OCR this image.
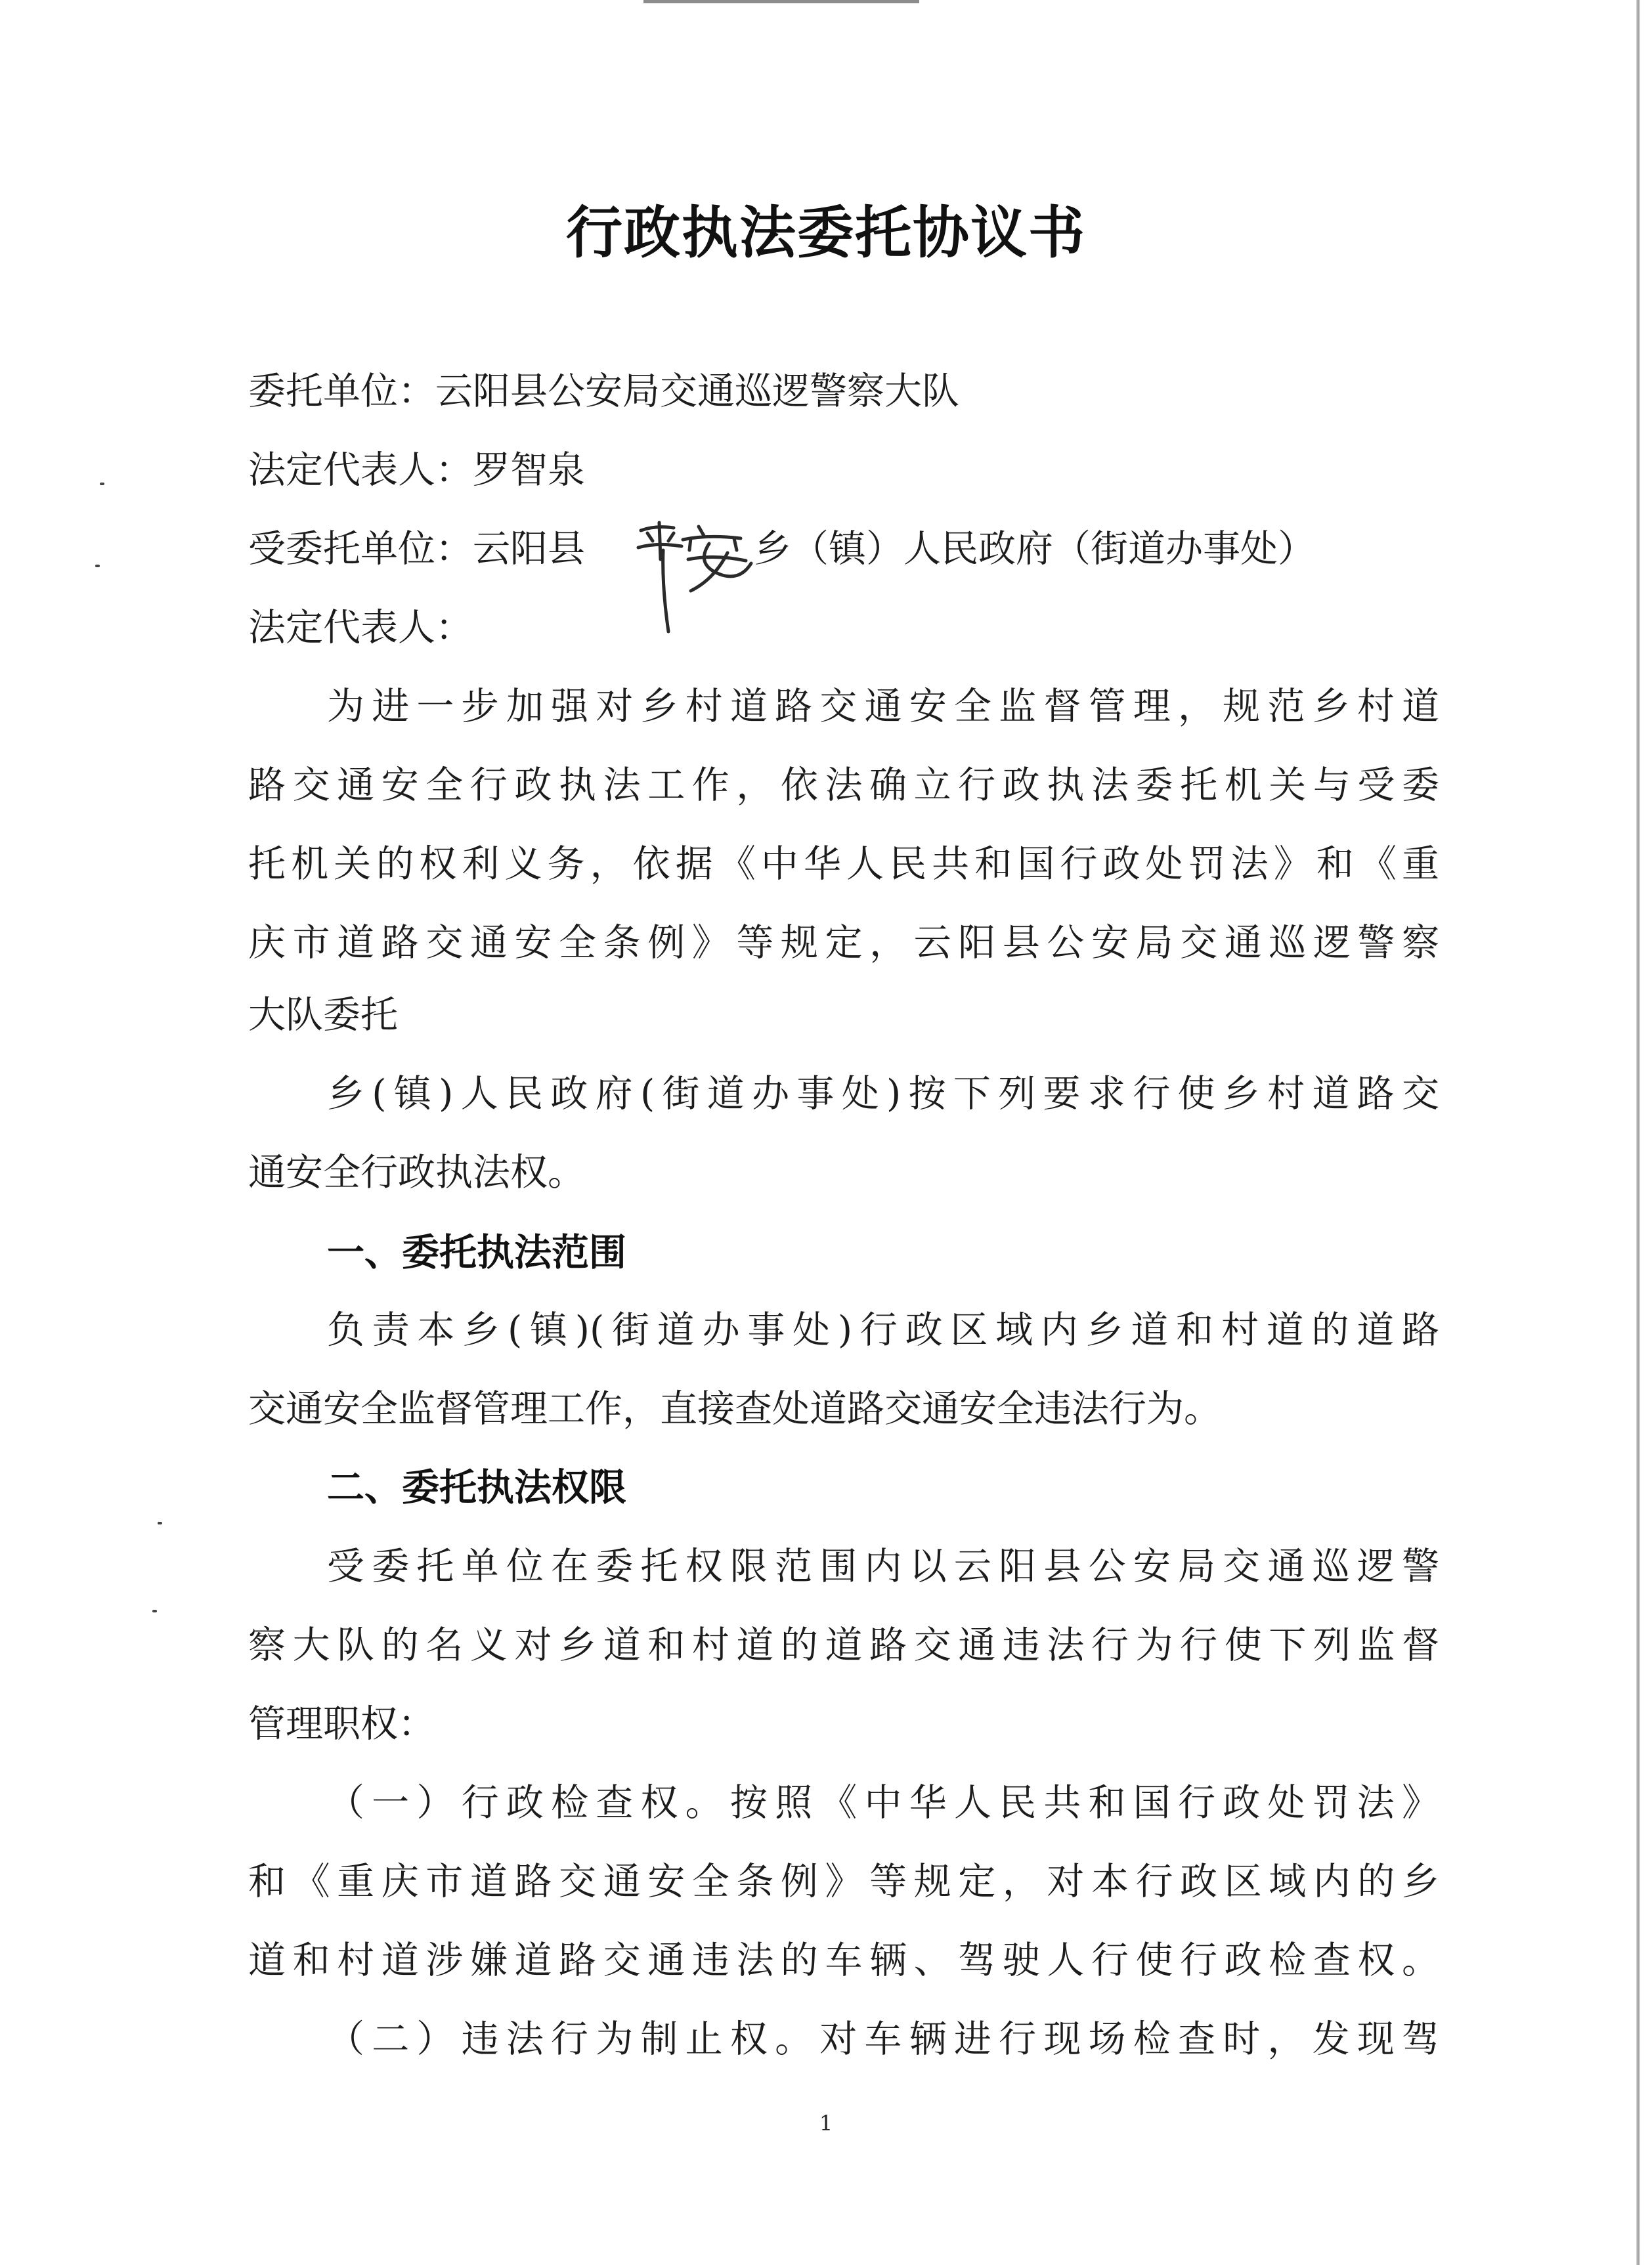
行政执法委托协议书
委托单位：云阳县公安局交通巡逻警察大队
法定代表人：罗智泉
受委托单位：云阳县	乡（镇）人民政府（街道办事处）
法定代表人：
为进一步加强对乡村道路交通安全监督管理，规范乡村道
路交通安全行政执法工作，依法确立行政执法委托机关与受委
托机关的权利义务，依据《中华人民共和国行政处罚法》和《重
庆市道路交通安全条例》等规定，云阳县公安局交通巡逻警察
大队委托
乡(镇)人民政府(街道办事处)按下列要求行使乡村道路交
通安全行政执法权。
一、委托执法范围
负责本乡(镇)(街道办事处)行政区域内乡道和村道的道路
交通安全监督管理工作，直接查处道路交通安全违法行为。
二、委托执法权限
受委托单位在委托权限范围内以云阳县公安局交通巡逻警
察大队的名义对乡道和村道的道路交通违法行为行使下列监督
管理职权：
（一）行政检查权。按照《中华人民共和国行政处罚法》
和《重庆市道路交通安全条例》等规定，对本行政区域内的乡
道和村道涉嫌道路交通违法的车辆、驾驶人行使行政检查权。
（二）违法行为制止权。对车辆进行现场检查时，发现驾
1
